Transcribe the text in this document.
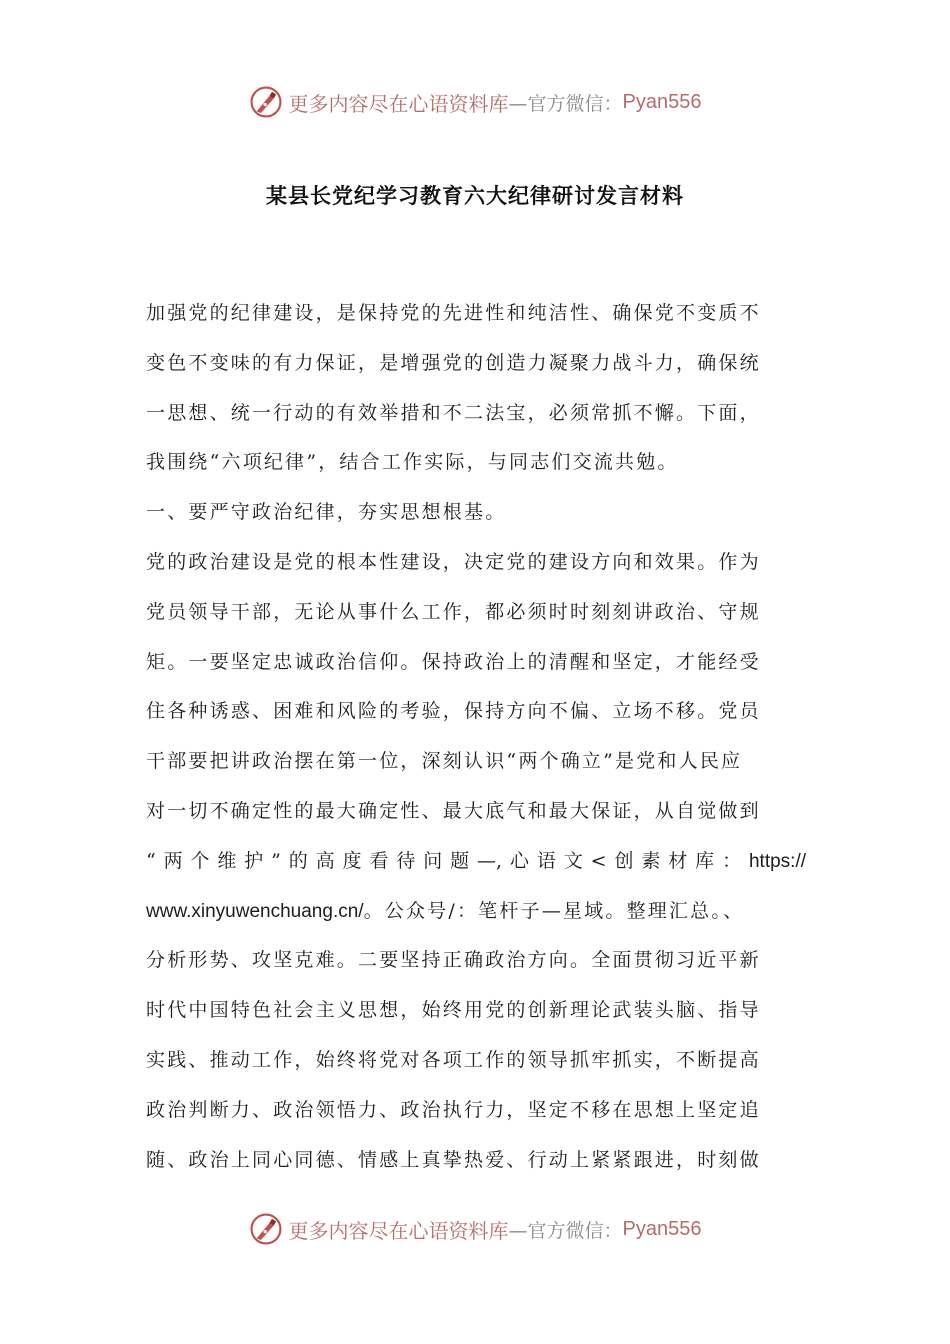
更多内容尽在心语资料库 —官方微信： Pyan556
某县长党纪学习教育六大纪律研讨发言材料
加强党的纪律建设，是保持党的先进性和纯洁性、确保党不变质不
变色不变味的有力保证，是增强党的创造力凝聚力战斗力，确保统
一思想、统一行动的有效举措和不二法宝，必须常抓不懈。下面，
我围绕“六项纪律”，结合工作实际，与同志们交流共勉。
一、要严守政治纪律，夯实思想根基。
党的政治建设是党的根本性建设，决定党的建设方向和效果。作为
党员领导干部，无论从事什么工作，都必须时时刻刻讲政治、守规
矩。一要坚定忠诚政治信仰。保持政治上的清醒和坚定，才能经受
住各种诱惑、困难和风险的考验，保持方向不偏、立场不移。党员
干部要把讲政治摆在第一位，深刻认识“两个确立”是党和人民应
对一切不确定性的最大确定性、最大底气和最大保证，从自觉做到
“两个维护”的高度看待问题—,心语文<创素材库：https://
www.xinyuwenchuang.cn/。公众号/：笔杆子—星域。整理汇总。、
分析形势、攻坚克难。二要坚持正确政治方向。全面贯彻习近平新
时代中国特色社会主义思想，始终用党的创新理论武装头脑、指导
实践、推动工作，始终将党对各项工作的领导抓牢抓实，不断提高
政治判断力、政治领悟力、政治执行力，坚定不移在思想上坚定追
随、政治上同心同德、情感上真挚热爱、行动上紧紧跟进，时刻做
更多内容尽在心语资料库 —官方微信： Pyan556
